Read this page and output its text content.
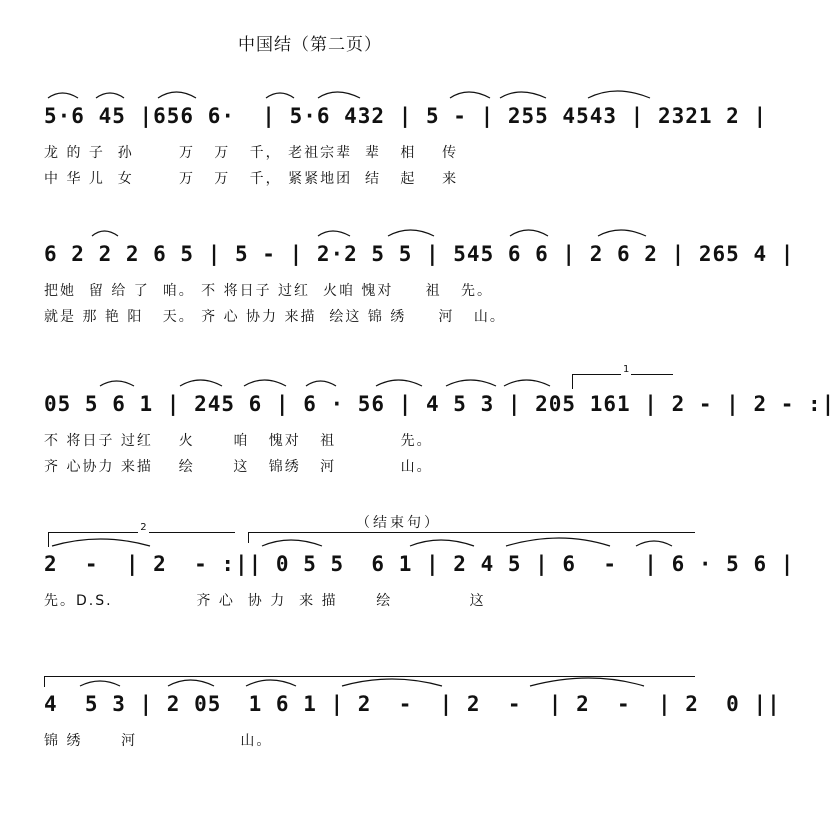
中国结（第二页）
5·6 45 |656 6·  | 5·6 432 | 5 - | 255 4543 | 2321 2 |
龙 的 子  孙       万   万   千， 老祖宗辈  辈   相    传
中 华 儿  女       万   万   千， 紧紧地团  结   起    来
6 2 2 2 6 5 | 5 - | 2·2 5 5 | 545 6 6 | 2 6 2 | 265 4 |
把她  留 给 了  咱。 不 将日子 过红  火咱 愧对     祖   先。
就是 那 艳 阳   天。 齐 心 协力 来描  绘这 锦 绣     河   山。
1
05 5 6 1 | 245 6 | 6 · 56 | 4 5 3 | 205 161 | 2 - | 2 - :|
不 将日子 过红    火      咱   愧对   祖          先。
齐 心协力 来描    绘      这   锦绣   河          山。
2	（结束句）
2  -  | 2  - :|| 0 5 5  6 1 | 2 4 5 | 6  -  | 6 · 5 6 |
先。D.S.             齐 心  协 力  来 描      绘            这
4  5 3 | 2 05  1 6 1 | 2  -  | 2  -  | 2  -  | 2  0 ||
锦 绣      河                山。
